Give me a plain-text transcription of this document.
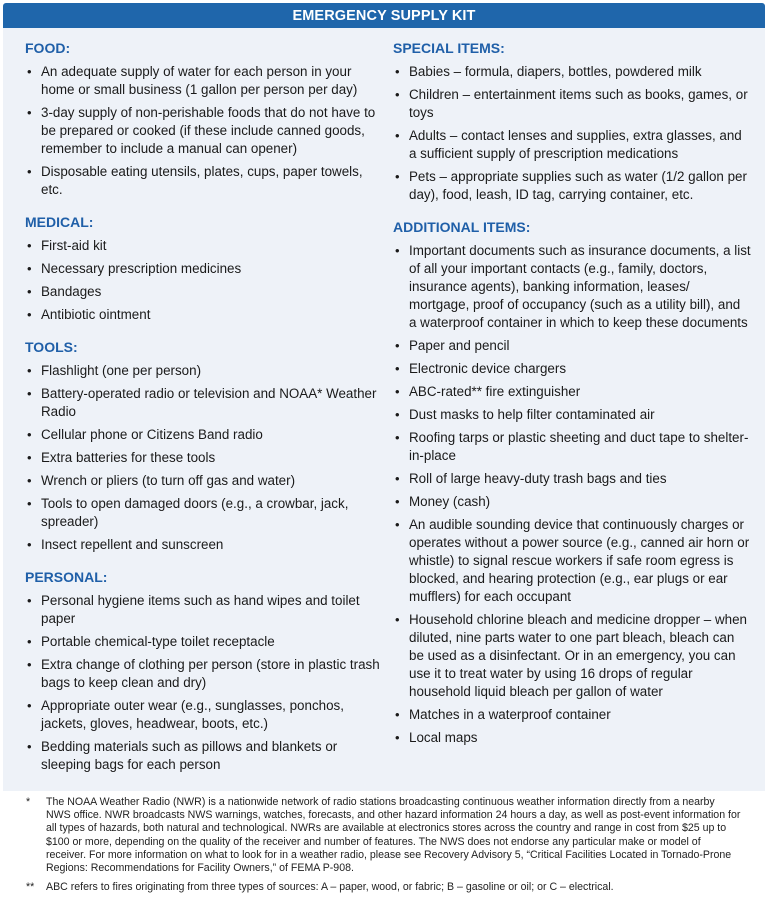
EMERGENCY SUPPLY KIT
FOOD:
• An adequate supply of water for each person in your home or small business (1 gallon per person per day)
• 3-day supply of non-perishable foods that do not have to be prepared or cooked (if these include canned goods, remember to include a manual can opener)
• Disposable eating utensils, plates, cups, paper towels, etc.
MEDICAL:
• First-aid kit
• Necessary prescription medicines
• Bandages
• Antibiotic ointment
TOOLS:
• Flashlight (one per person)
• Battery-operated radio or television and NOAA* Weather Radio
• Cellular phone or Citizens Band radio
• Extra batteries for these tools
• Wrench or pliers (to turn off gas and water)
• Tools to open damaged doors (e.g., a crowbar, jack, spreader)
• Insect repellent and sunscreen
PERSONAL:
• Personal hygiene items such as hand wipes and toilet paper
• Portable chemical-type toilet receptacle
• Extra change of clothing per person (store in plastic trash bags to keep clean and dry)
• Appropriate outer wear (e.g., sunglasses, ponchos, jackets, gloves, headwear, boots, etc.)
• Bedding materials such as pillows and blankets or sleeping bags for each person
SPECIAL ITEMS:
• Babies – formula, diapers, bottles, powdered milk
• Children – entertainment items such as books, games, or toys
• Adults – contact lenses and supplies, extra glasses, and a sufficient supply of prescription medications
• Pets – appropriate supplies such as water (1/2 gallon per day), food, leash, ID tag, carrying container, etc.
ADDITIONAL ITEMS:
• Important documents such as insurance documents, a list of all your important contacts (e.g., family, doctors, insurance agents), banking information, leases/ mortgage, proof of occupancy (such as a utility bill), and a waterproof container in which to keep these documents
• Paper and pencil
• Electronic device chargers
• ABC-rated** fire extinguisher
• Dust masks to help filter contaminated air
• Roofing tarps or plastic sheeting and duct tape to shelter-in-place
• Roll of large heavy-duty trash bags and ties
• Money (cash)
• An audible sounding device that continuously charges or operates without a power source (e.g., canned air horn or whistle) to signal rescue workers if safe room egress is blocked, and hearing protection (e.g., ear plugs or ear mufflers) for each occupant
• Household chlorine bleach and medicine dropper – when diluted, nine parts water to one part bleach, bleach can be used as a disinfectant. Or in an emergency, you can use it to treat water by using 16 drops of regular household liquid bleach per gallon of water
• Matches in a waterproof container
• Local maps
* The NOAA Weather Radio (NWR) is a nationwide network of radio stations broadcasting continuous weather information directly from a nearby NWS office. NWR broadcasts NWS warnings, watches, forecasts, and other hazard information 24 hours a day, as well as post-event information for all types of hazards, both natural and technological. NWRs are available at electronics stores across the country and range in cost from $25 up to $100 or more, depending on the quality of the receiver and number of features. The NWS does not endorse any particular make or model of receiver. For more information on what to look for in a weather radio, please see Recovery Advisory 5, “Critical Facilities Located in Tornado-Prone Regions: Recommendations for Facility Owners,” of FEMA P-908.
** ABC refers to fires originating from three types of sources: A – paper, wood, or fabric; B – gasoline or oil; or C – electrical.
